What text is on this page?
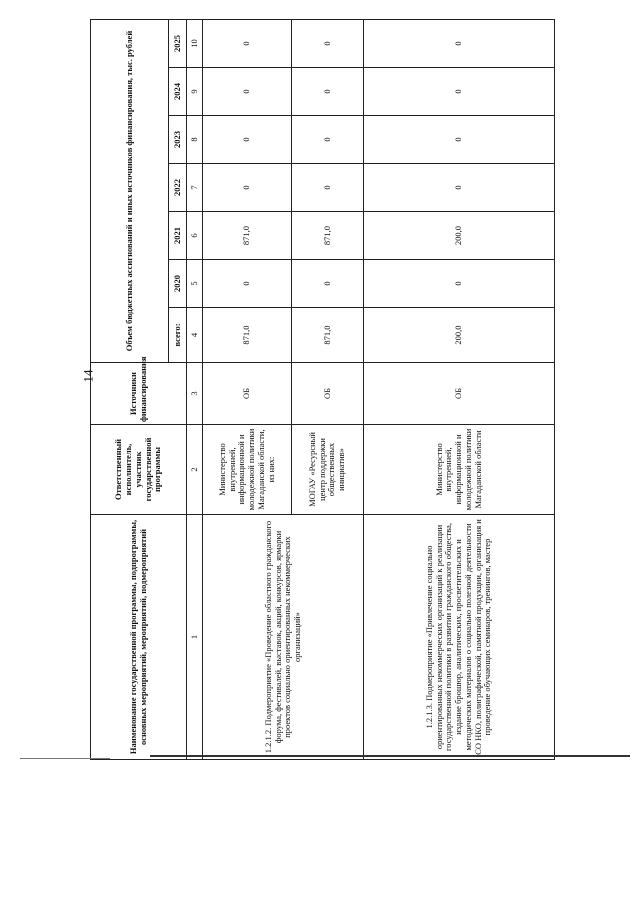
14
Наименование государственной программы, подпрограммы, основных мероприятий, мероприятий, подмероприятий	Ответственный исполнитель, участник государственной программы	Источники финансирования	Объем бюджетных ассигнований и иных источников финансирования, тыс. рублей						
			всего:	2020	2021	2022	2023	2024	2025
1	2	3	4	5	6	7	8	9	10
1.2.1.2. Подмероприятие «Проведение областного гражданского форума, фестивалей, выставок, акций, конкурсов, ярмарки проектов социально ориентированных некоммерческих организаций»	Министерство внутренней, информационной и молодежной политики Магаданской области, из них:	ОБ	871,0	0	871,0	0	0	0	0
	МОГАУ «Ресурсный центр поддержки общественных инициатив»	ОБ	871,0	0	871,0	0	0	0	0
1.2.1.3. Подмероприятие «Привлечение социально ориентированных некоммерческих организаций к реализации государственной политики в развитии гражданского общества, издание брошюр, аналитических, просветительских и методических материалов о социально полезной деятельности СО НКО, полиграфической, памятной продукции, организация и проведение обучающих семинаров, тренингов, мастер	Министерство внутренней, информационной и молодежной политики Магаданской области	ОБ	200,0	0	200,0	0	0	0	0
